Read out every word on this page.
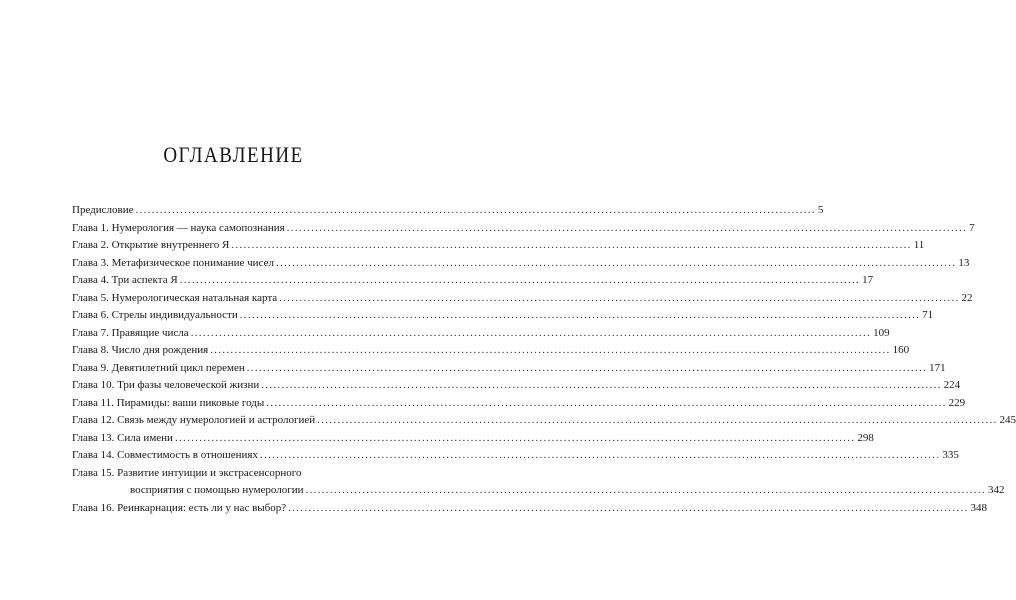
ОГЛАВЛЕНИЕ
Предисловие .....	5
Глава 1. Нумерология — наука самопознания .....	7
Глава 2. Открытие внутреннего Я .....	11
Глава 3. Метафизическое понимание чисел .....	13
Глава 4. Три аспекта Я .....	17
Глава 5. Нумерологическая натальная карта .....	22
Глава 6. Стрелы индивидуальности .....	71
Глава 7. Правящие числа .....	109
Глава 8. Число дня рождения .....	160
Глава 9. Девятилетний цикл перемен .....	171
Глава 10. Три фазы человеческой жизни .....	224
Глава 11. Пирамиды: ваши пиковые годы .....	229
Глава 12. Связь между нумерологией и астрологией .....	245
Глава 13. Сила имени .....	298
Глава 14. Совместимость в отношениях .....	335
Глава 15. Развитие интуиции и экстрасенсорного
восприятия с помощью нумерологии .....	342
Глава 16. Реинкарнация: есть ли у нас выбор? .....	348
